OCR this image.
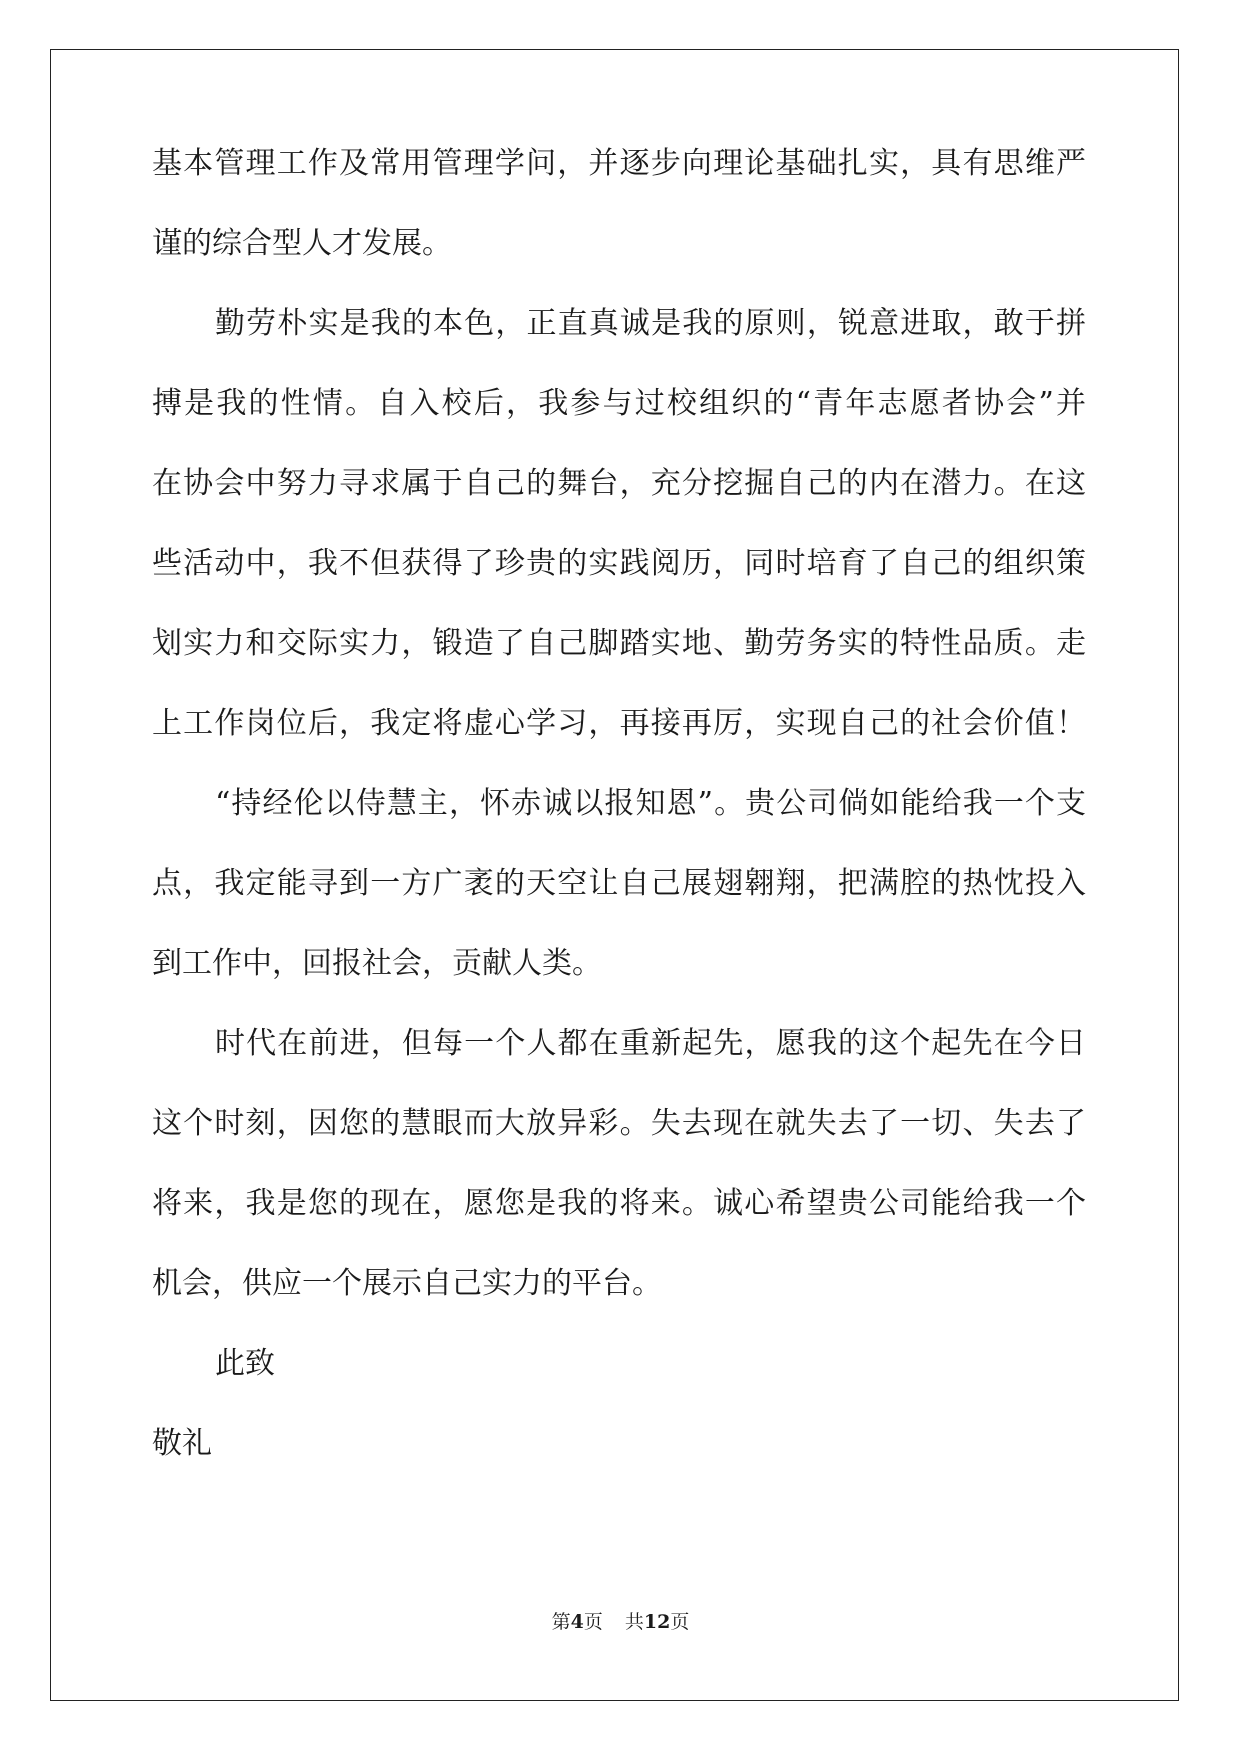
基本管理工作及常用管理学问，并逐步向理论基础扎实，具有思维严
谨的综合型人才发展。
勤劳朴实是我的本色，正直真诚是我的原则，锐意进取，敢于拼
搏是我的性情。自入校后，我参与过校组织的“青年志愿者协会”并
在协会中努力寻求属于自己的舞台，充分挖掘自己的内在潜力。在这
些活动中，我不但获得了珍贵的实践阅历，同时培育了自己的组织策
划实力和交际实力，锻造了自己脚踏实地、勤劳务实的特性品质。走
上工作岗位后，我定将虚心学习，再接再厉，实现自己的社会价值！
“持经伦以侍慧主，怀赤诚以报知恩”。贵公司倘如能给我一个支
点，我定能寻到一方广袤的天空让自己展翅翱翔，把满腔的热忱投入
到工作中，回报社会，贡献人类。
时代在前进，但每一个人都在重新起先，愿我的这个起先在今日
这个时刻，因您的慧眼而大放异彩。失去现在就失去了一切、失去了
将来，我是您的现在，愿您是我的将来。诚心希望贵公司能给我一个
机会，供应一个展示自己实力的平台。
此致
敬礼
第4页 共12页
